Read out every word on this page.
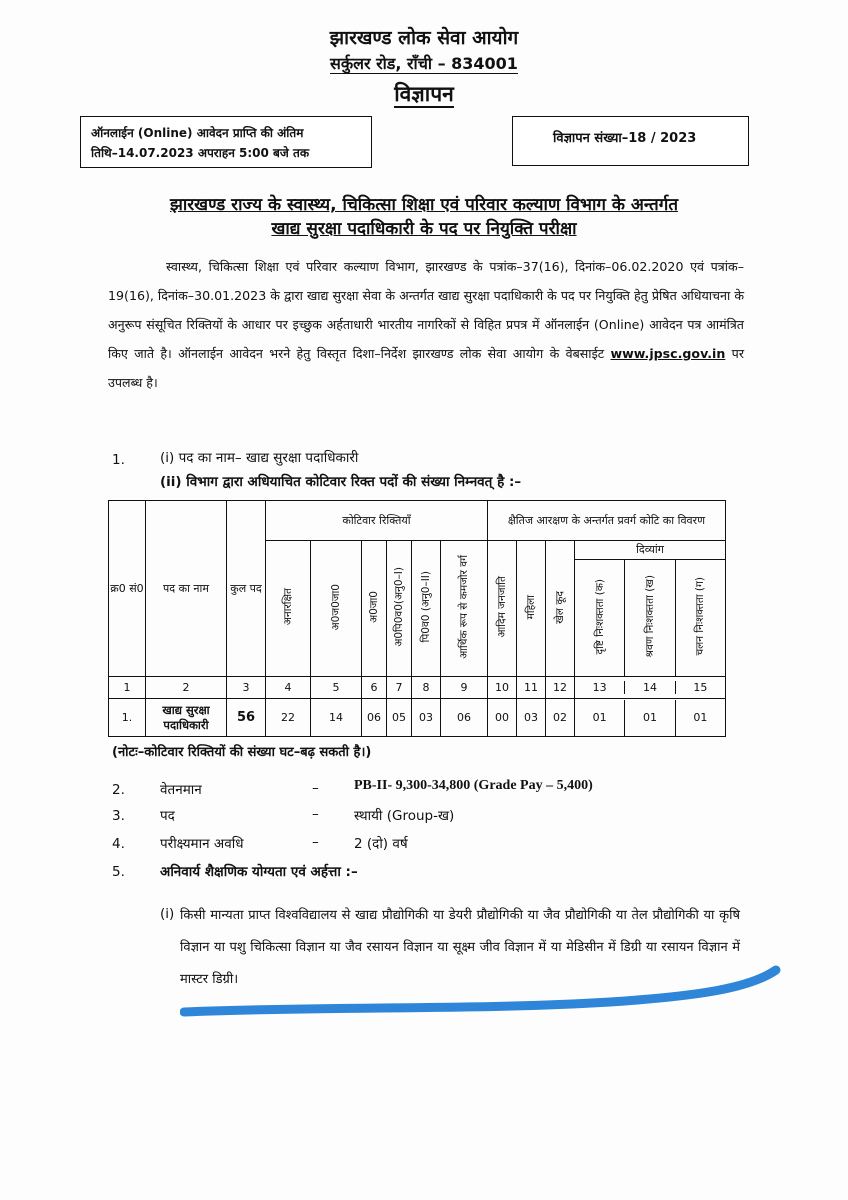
झारखण्ड लोक सेवा आयोग
सर्कुलर रोड, राँची – 834001
विज्ञापन
ऑनलाईन (Online) आवेदन प्राप्ति की अंतिम
तिथि–14.07.2023 अपराहन 5:00 बजे तक
विज्ञापन संख्या–18 / 2023
झारखण्ड राज्य के स्वास्थ्य, चिकित्सा शिक्षा एवं परिवार कल्याण विभाग के अन्तर्गत
खाद्य सुरक्षा पदाधिकारी के पद पर नियुक्ति परीक्षा

स्वास्थ्य, चिकित्सा शिक्षा एवं परिवार कल्याण विभाग, झारखण्ड के पत्रांक–37(16), दिनांक–06.02.2020 एवं पत्रांक–19(16), दिनांक–30.01.2023 के द्वारा खाद्य सुरक्षा सेवा के अन्तर्गत खाद्य सुरक्षा पदाधिकारी के पद पर नियुक्ति हेतु प्रेषित अधियाचना के अनुरूप संसूचित रिक्तियों के आधार पर इच्छुक अर्हताधारी भारतीय नागरिकों से विहित प्रपत्र में ऑनलाईन (Online) आवेदन पत्र आमंत्रित किए जाते है। ऑनलाईन आवेदन भरने हेतु विस्तृत दिशा–निर्देश झारखण्ड लोक सेवा आयोग के वेबसाईट www.jpsc.gov.in पर उपलब्ध है।

1.	(i) पद का नाम– खाद्य सुरक्षा पदाधिकारी
(ii) विभाग द्वारा अधियाचित कोटिवार रिक्त पदों की संख्या निम्नवत् है :–
क्र0 सं0	पद का नाम	कुल पद	कोटिवार रिक्तियाँ	क्षैतिज आरक्षण के अन्तर्गत प्रवर्ग कोटि का विवरण
अनारक्षित	अ0ज0जा0	अ0जा0	अ0पि0व0(अनु0–I)	पि0व0 (अनु0–II)	आर्थिक रूप से कमजोर वर्ग	आदिम जनजाति	महिला	खेल कूद	
दिव्यांग
दृष्टि निःशक्तता (क)	श्रवण निःशक्तता (ख)	चलन निःशक्तता (ग)

1	2	3	4	5	6	7	8	9	10	11	12	13	14	15

1.	खाद्य सुरक्षा पदाधिकारी	56	22	14	06	05	03	06	00	03	02	01	01	01
(नोटः–कोटिवार रिक्तियों की संख्या घट–बढ़ सकती है।)
2.	वेतनमान	–	PB-II- 9,300-34,800 (Grade Pay – 5,400)
3.	पद	–	स्थायी (Group-ख)
4.	परीक्ष्यमान अवधि	–	2 (दो) वर्ष
5.	अनिवार्य शैक्षणिक योग्यता एवं अर्हत्ता :–
(i) किसी मान्यता प्राप्त विश्वविद्यालय से खाद्य प्रौद्योगिकी या डेयरी प्रौद्योगिकी या जैव प्रौद्योगिकी या तेल प्रौद्योगिकी या कृषि विज्ञान या पशु चिकित्सा विज्ञान या जैव रसायन विज्ञान या सूक्ष्म जीव विज्ञान में या मेडिसीन में डिग्री या रसायन विज्ञान में मास्टर डिग्री।
